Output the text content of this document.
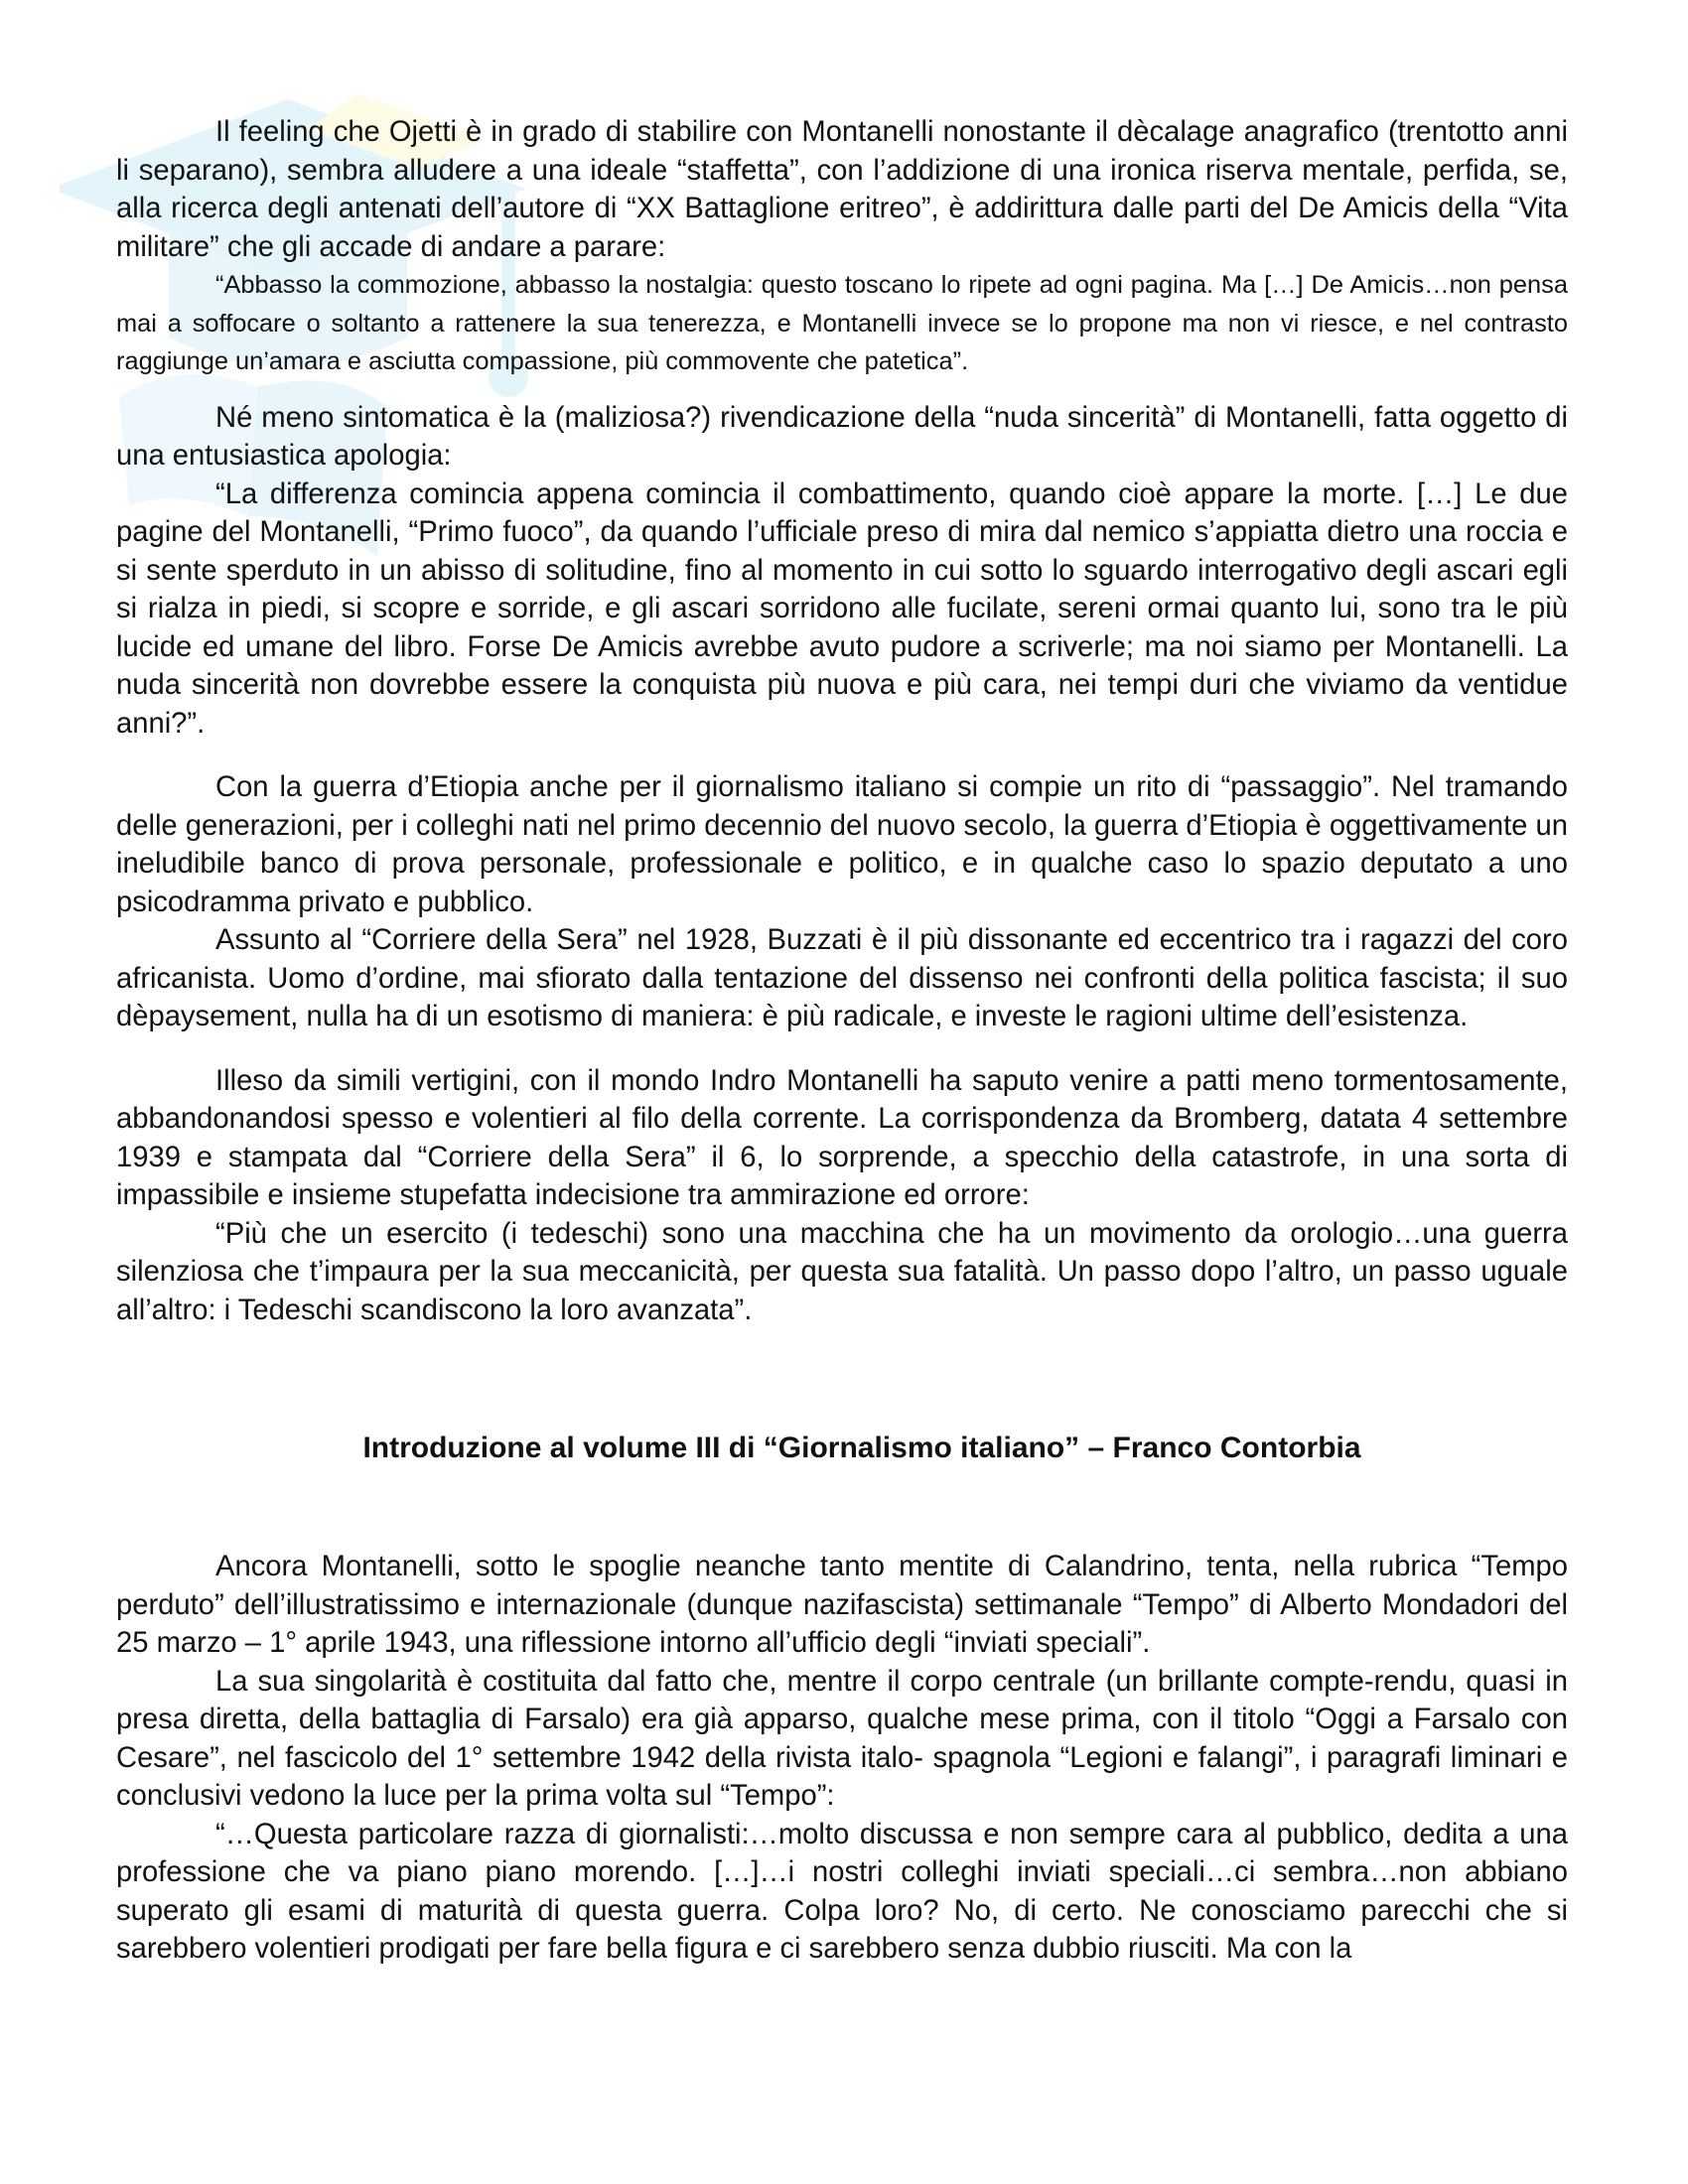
Il feeling che Ojetti è in grado di stabilire con Montanelli nonostante il dècalage anagrafico (trentotto anni li separano), sembra alludere a una ideale “staffetta”, con l’addizione di una ironica riserva mentale, perfida, se, alla ricerca degli antenati dell’autore di “XX Battaglione eritreo”, è addirittura dalle parti del De Amicis della “Vita militare” che gli accade di andare a parare:

“Abbasso la commozione, abbasso la nostalgia: questo toscano lo ripete ad ogni pagina. Ma […] De Amicis…non pensa mai a soffocare o soltanto a rattenere la sua tenerezza, e Montanelli invece se lo propone ma non vi riesce, e nel contrasto raggiunge un’amara e asciutta compassione, più commovente che patetica”.

Né meno sintomatica è la (maliziosa?) rivendicazione della “nuda sincerità” di Montanelli, fatta oggetto di una entusiastica apologia:

“La differenza comincia appena comincia il combattimento, quando cioè appare la morte. […] Le due pagine del Montanelli, “Primo fuoco”, da quando l’ufficiale preso di mira dal nemico s’appiatta dietro una roccia e si sente sperduto in un abisso di solitudine, fino al momento in cui sotto lo sguardo interrogativo degli ascari egli si rialza in piedi, si scopre e sorride, e gli ascari sorridono alle fucilate, sereni ormai quanto lui, sono tra le più lucide ed umane del libro. Forse De Amicis avrebbe avuto pudore a scriverle; ma noi siamo per Montanelli. La nuda sincerità non dovrebbe essere la conquista più nuova e più cara, nei tempi duri che viviamo da ventidue anni?”.

Con la guerra d’Etiopia anche per il giornalismo italiano si compie un rito di “passaggio”. Nel tramando delle generazioni, per i colleghi nati nel primo decennio del nuovo secolo, la guerra d’Etiopia è oggettivamente un ineludibile banco di prova personale, professionale e politico, e in qualche caso lo spazio deputato a uno psicodramma privato e pubblico.

Assunto al “Corriere della Sera” nel 1928, Buzzati è il più dissonante ed eccentrico tra i ragazzi del coro africanista. Uomo d’ordine, mai sfiorato dalla tentazione del dissenso nei confronti della politica fascista; il suo dèpaysement, nulla ha di un esotismo di maniera: è più radicale, e investe le ragioni ultime dell’esistenza.

Illeso da simili vertigini, con il mondo Indro Montanelli ha saputo venire a patti meno tormentosamente, abbandonandosi spesso e volentieri al filo della corrente. La corrispondenza da Bromberg, datata 4 settembre 1939 e stampata dal “Corriere della Sera” il 6, lo sorprende, a specchio della catastrofe, in una sorta di impassibile e insieme stupefatta indecisione tra ammirazione ed orrore:

“Più che un esercito (i tedeschi) sono una macchina che ha un movimento da orologio…una guerra silenziosa che t’impaura per la sua meccanicità, per questa sua fatalità. Un passo dopo l’altro, un passo uguale all’altro: i Tedeschi scandiscono la loro avanzata”.

Introduzione al volume III di “Giornalismo italiano” – Franco Contorbia

Ancora Montanelli, sotto le spoglie neanche tanto mentite di Calandrino, tenta, nella rubrica “Tempo perduto” dell’illustratissimo e internazionale (dunque nazifascista) settimanale “Tempo” di Alberto Mondadori del 25 marzo – 1° aprile 1943, una riflessione intorno all’ufficio degli “inviati speciali”.

La sua singolarità è costituita dal fatto che, mentre il corpo centrale (un brillante compte-rendu, quasi in presa diretta, della battaglia di Farsalo) era già apparso, qualche mese prima, con il titolo “Oggi a Farsalo con Cesare”, nel fascicolo del 1° settembre 1942 della rivista italo- spagnola “Legioni e falangi”, i paragrafi liminari e conclusivi vedono la luce per la prima volta sul “Tempo”:

“…Questa particolare razza di giornalisti:…molto discussa e non sempre cara al pubblico, dedita a una professione che va piano piano morendo. […]…i nostri colleghi inviati speciali…ci sembra…non abbiano superato gli esami di maturità di questa guerra. Colpa loro? No, di certo. Ne conosciamo parecchi che si sarebbero volentieri prodigati per fare bella figura e ci sarebbero senza dubbio riusciti. Ma con la
